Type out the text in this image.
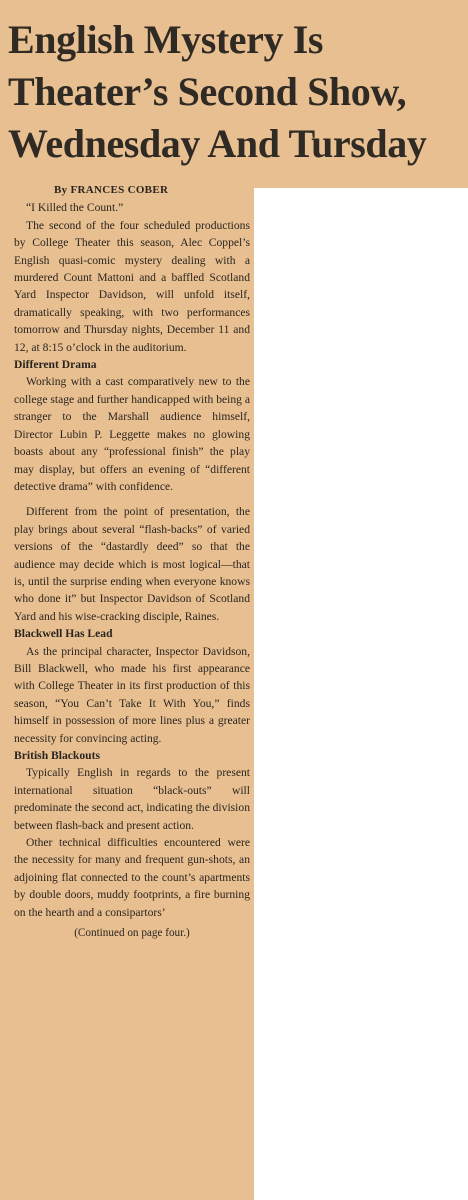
English Mystery Is
Theater’s Second Show,
Wednesday And Tursday
By FRANCES COBER

“I Killed the Count.”

The second of the four scheduled productions by College Theater this season, Alec Coppel’s English quasi-comic mystery dealing with a murdered Count Mattoni and a baffled Scotland Yard Inspector Davidson, will unfold itself, dramatically speaking, with two performances tomorrow and Thursday nights, December 11 and 12, at 8:15 o’clock in the auditorium.

Different Drama

Working with a cast comparatively new to the college stage and further handicapped with being a stranger to the Marshall audience himself, Director Lubin P. Leggette makes no glowing boasts about any “professional finish” the play may display, but offers an evening of “different detective drama” with confidence.

Different from the point of presentation, the play brings about several “flash-backs” of varied versions of the “dastardly deed” so that the audience may decide which is most logical—that is, until the surprise ending when everyone knows who done it” but Inspector Davidson of Scotland Yard and his wise-cracking disciple, Raines.

Blackwell Has Lead

As the principal character, Inspector Davidson, Bill Blackwell, who made his first appearance with College Theater in its first production of this season, “You Can’t Take It With You,” finds himself in possession of more lines plus a greater necessity for convincing acting.

British Blackouts

Typically English in regards to the present international situation “black-outs” will predominate the second act, indicating the division between flash-back and present action.

Other technical difficulties encountered were the necessity for many and frequent gun-shots, an adjoining flat connected to the count’s apartments by double doors, muddy footprints, a fire burning on the hearth and a consipartors’

(Continued on page four.)
